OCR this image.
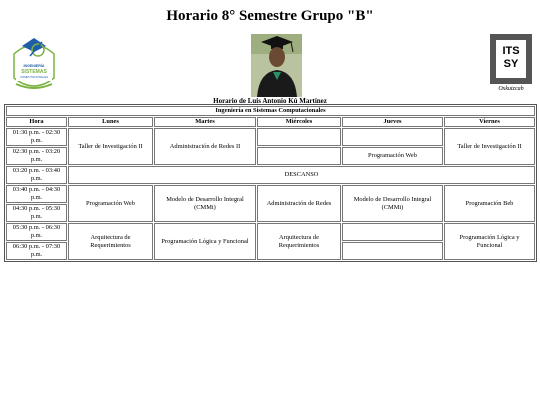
Horario 8° Semestre Grupo "B"
INGENIERÍA
SISTEMAS
COMPUTACIONALES
ITS
SY
Oxkutzcab
Horario de Luis Antonio Kú Martínez
Ingeniería en Sistemas Computacionales					
Hora	Lunes	Martes	Miércoles	Jueves	Viernes
01:30 p.m. - 02:30 p.m.	Taller de Investigación II	Administración de Redes II			Taller de Investigación II
02:30 p.m. - 03:20 p.m.				Programación Web	
03:20 p.m. - 03:40 p.m.	DESCANSO				
03:40 p.m. - 04:30 p.m.	Programación Web	Modelo de Desarrollo Integral (CMMi)	Administración de Redes	Modelo de Desarrollo Integral (CMMi)	Programación Beb
04:30 p.m. - 05:30 p.m.					
05:30 p.m. - 06:30 p.m.	Arquitectura de Requerimientos	Programación Lógica y Funcional	Arquitectura de Requerimientos		Programación Lógica y Funcional
06:30 p.m. - 07:30 p.m.					
